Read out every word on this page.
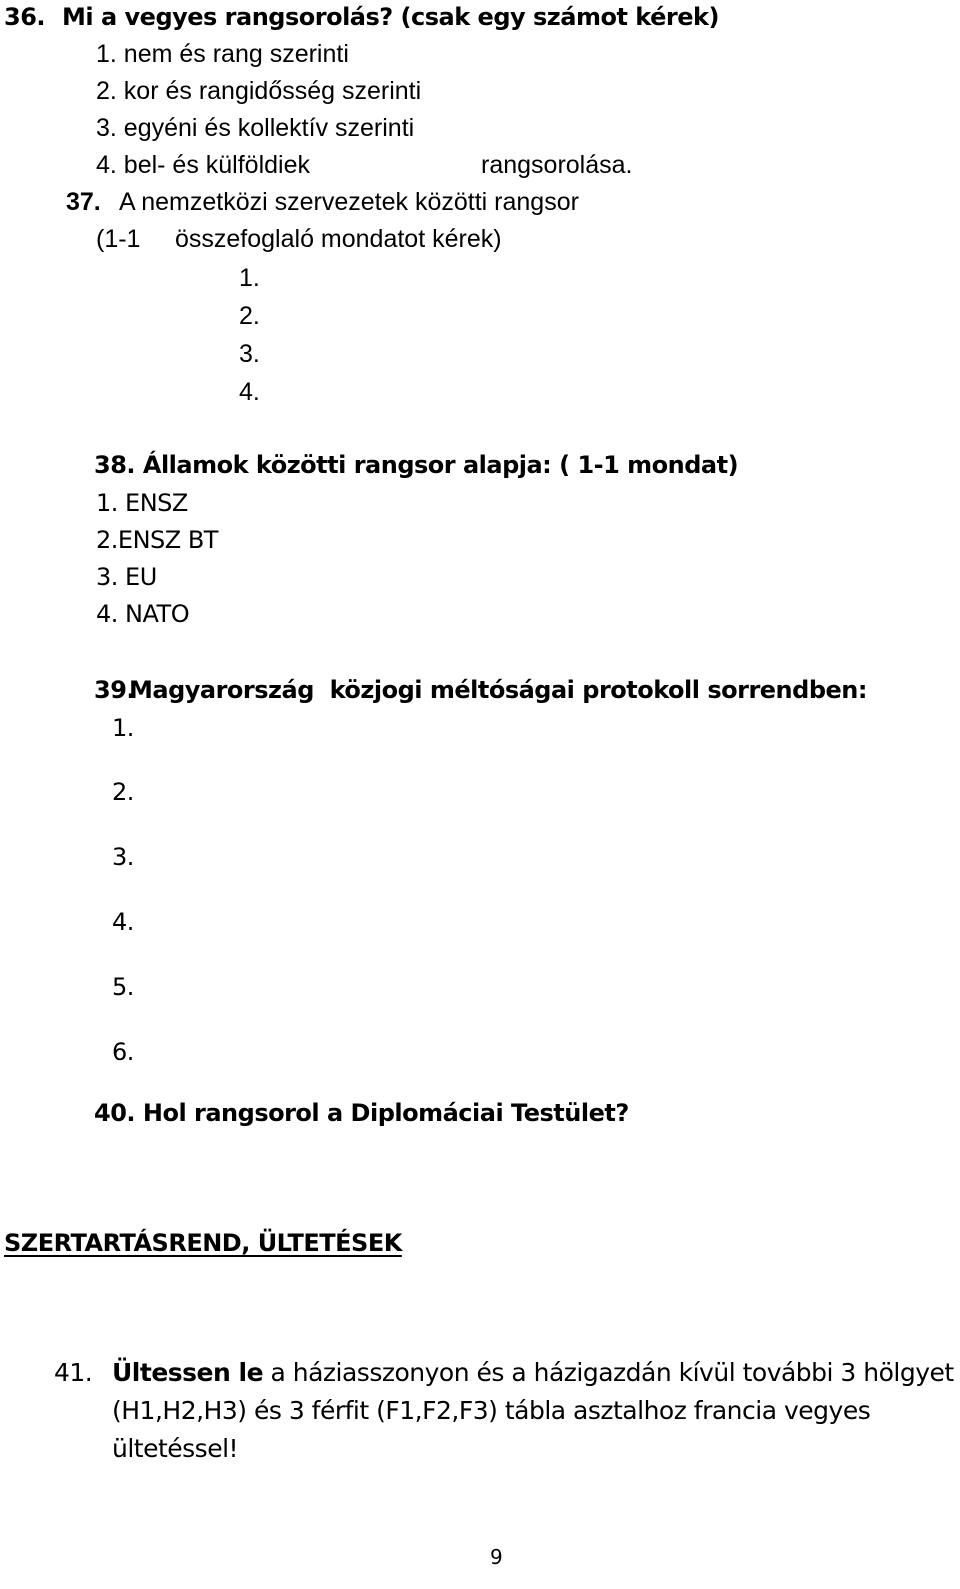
36. Mi a vegyes rangsorolás? (csak egy számot kérek)
1. nem és rang szerinti
2. kor és rangidősség szerinti
3. egyéni és kollektív szerinti
4. bel- és külföldiek	rangsorolása.
37. A nemzetközi szervezetek közötti rangsor
(1-1 összefoglaló mondatot kérek)
1.
2.
3.
4.
38. Államok közötti rangsor alapja: ( 1-1 mondat)
1. ENSZ
2.ENSZ BT
3. EU
4. NATO
39.
Magyarország  közjogi méltóságai protokoll sorrendben:
1.
2.
3.
4.
5.
6.
40. Hol rangsorol a Diplomáciai Testület?
SZERTARTÁSREND, ÜLTETÉSEK
41. Ültessen le a háziasszonyon és a házigazdán kívül további 3 hölgyet
(H1,H2,H3) és 3 férfit (F1,F2,F3) tábla asztalhoz francia vegyes
ültetéssel!
9
